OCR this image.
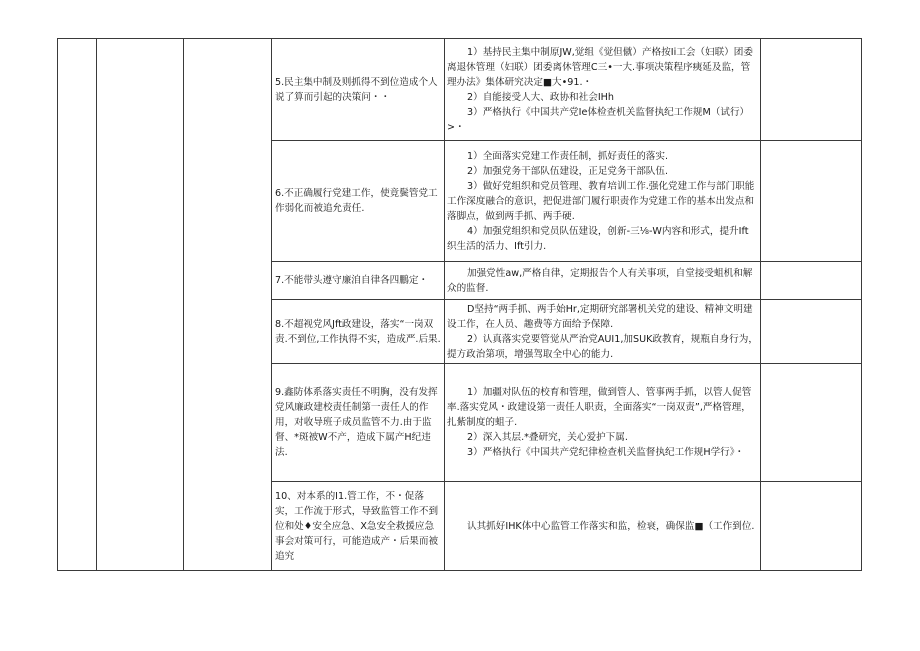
			5.民主集中制及则抓得不到位造成个人说了算而引起的决策问・・	1）基持民主集中制原JW,觉组《觉但僦）产格按Ii工会（妇联）团委离退休管理（妇联）团委离休管理C三•一大.事项决策程序痍延及监，管理办法》集体研究决定■大•91.・

2）自能接受人大、政协和社会IHh

3）严格执行《中国共产党Ie体检查机关监督执纪工作规M（试行）>・	

			6.不正确履行党建工作，使竟鬓管党工作弱化而被追允责任.	1）全面落实党建工作责任制，抓好责任的落实.

2）加强党务干部队伍建设，正足党务干部队伍.

3）做好党组织和党员管理、教育培训工作.强化党建工作与部门职能工作深度融合的意识，把促进部门履行职责作为党建工作的基本出发点和落脚点，做到两手抓、两手硬.

4）加强党组织和党员队伍建设，创新-三⅛-W内容和形式，提升Ift织生活的活力、Ift引力.	

			7.不能带头遵守廉洎自律各四鵬定・	加强党性aw,严格自律，定期报告个人有关事项，自堂接受蛆机和解众的监督.	

			8.不超视党风Jft政建设，落实“一岗双责.不到位,工作执得不实，造成严.后果.	D坚持“两手抓、两手始Hr,定期研究部署机关党的建设、精神文明建设工作，在人员、趣费等方面给予保障.

2）认真落实党要管觉从严治党AUI1,加SUK政教育，规瓶自身行为，提方政治第项，增强驾取全中心的能力.	

			9.鑫防体系落实责任不明胸，没有发挥党风廉政建校责任制第一责任人的作用，对收导班子成员监管不力.由于监督、*斑被W不产，造成下属产H纪违法.	1）加疆对队伍的校育和管理，做到管人、管事两手抓，以管人促管率.落实党风・政建设第一责任人职责，全面落实“一岗双责”,严格管理，扎紫制度的蛆子.

2）深入其层.*叠研究，关心爱护下属.

3）严格执行《中国共产党纪律检查机关监督执纪工作规H学行》・	

			10、对本系的I1.管工作，不・促落实，工作流于形式，导致监管工作不到位和处♦安全应急、X急安全救援应急事会对策可行，可能造成产・后果而被追究	认其抓好IHK体中心监管工作落实和监，检衰，确保监■（工作到位.	
